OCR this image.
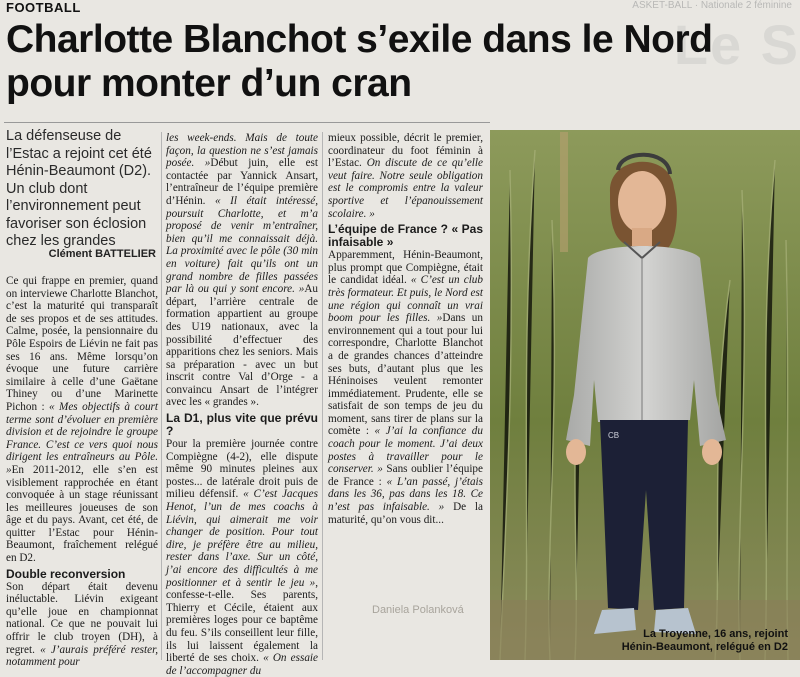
ASKET-BALL · Nationale 2 féminine
Le S
FOOTBALL
Charlotte Blanchot s’exile dans le Nord pour monter d’un cran

La défenseuse de l’Estac a rejoint cet été Hénin-Beaumont (D2). Un club dont l’environnement peut favoriser son éclosion chez les grandes

Clément BATTELIER

Ce qui frappe en premier, quand on interviewe Charlotte Blanchot, c’est la maturité qui transparaît de ses propos et de ses attitudes. Calme, posée, la pensionnaire du Pôle Espoirs de Liévin ne fait pas ses 16 ans. Même lorsqu’on évoque une future carrière similaire à celle d’une Gaëtane Thiney ou d’une Marinette Pichon : « Mes objectifs à court terme sont d’évoluer en première division et de rejoindre le groupe France. C’est ce vers quoi nous dirigent les entraîneurs au Pôle. »En 2011-2012, elle s’en est visiblement rapprochée en étant convoquée à un stage réunissant les meilleures joueuses de son âge et du pays. Avant, cet été, de quitter l’Estac pour Hénin-Beaumont, fraîchement relégué en D2.

Double reconversion

Son départ était devenu inéluctable. Liévin exigeant qu’elle joue en championnat national. Ce que ne pouvait lui offrir le club troyen (DH), à regret. « J’aurais préféré rester, notamment pour

les week-ends. Mais de toute façon, la question ne s’est jamais posée. »Début juin, elle est contactée par Yannick Ansart, l’entraîneur de l’équipe première d’Hénin. « Il était intéressé, poursuit Charlotte, et m’a proposé de venir m’entraîner, bien qu’il me connaissait déjà. La proximité avec le pôle (30 min en voiture) fait qu’ils ont un grand nombre de filles passées par là ou qui y sont encore. »Au départ, l’arrière centrale de formation appartient au groupe des U19 nationaux, avec la possibilité d’effectuer des apparitions chez les seniors. Mais sa préparation - avec un but inscrit contre Val d’Orge - a convaincu Ansart de l’intégrer avec les « grandes ».

La D1, plus vite que prévu ?

Pour la première journée contre Compiègne (4-2), elle dispute même 90 minutes pleines aux postes... de latérale droit puis de milieu défensif. « C’est Jacques Henot, l’un de mes coachs à Liévin, qui aimerait me voir changer de position. Pour tout dire, je préfère être au milieu, rester dans l’axe. Sur un côté, j’ai encore des difficultés à me positionner et à sentir le jeu », confesse-t-elle. Ses parents, Thierry et Cécile, étaient aux premières loges pour ce baptême du feu. S’ils conseillent leur fille, ils lui laissent également la liberté de ses choix. « On essaie de l’accompagner du

mieux possible, décrit le premier, coordinateur du foot féminin à l’Estac. On discute de ce qu’elle veut faire. Notre seule obligation est le compromis entre la valeur sportive et l’épanouissement scolaire. »

L’équipe de France ? « Pas infaisable »

Apparemment, Hénin-Beaumont, plus prompt que Compiègne, était le candidat idéal. « C’est un club très formateur. Et puis, le Nord est une région qui connaît un vrai boom pour les filles. »Dans un environnement qui a tout pour lui correspondre, Charlotte Blanchot a de grandes chances d’atteindre ses buts, d’autant plus que les Héninoises veulent remonter immédiatement. Prudente, elle se satisfait de son temps de jeu du moment, sans tirer de plans sur la comète : « J’ai la confiance du coach pour le moment. J’ai deux postes à travailler pour le conserver. » Sans oublier l’équipe de France : « L’an passé, j’étais dans les 36, pas dans les 18. Ce n’est pas infaisable. » De la maturité, qu’on vous dit...

Daniela Polanková
CB
La Troyenne, 16 ans, rejoint Hénin-Beaumont, relégué en D2
